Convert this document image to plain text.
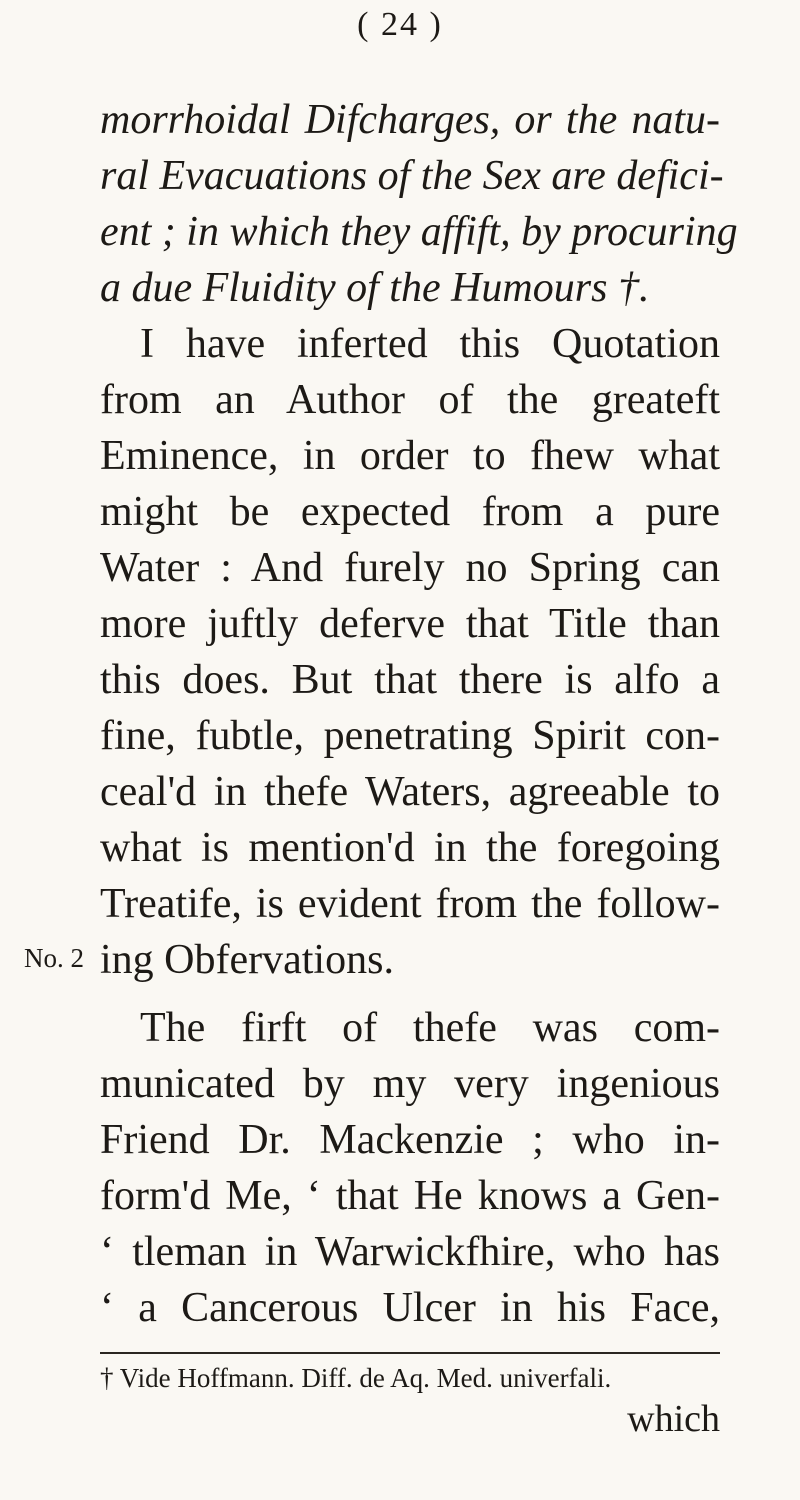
( 24 )
morrhoidal Difcharges, or the natu-
ral Evacuations of the Sex are defici-
ent ; in which they affift, by procuring
a due Fluidity of the Humours †.
I have inferted this Quotation
from an Author of the greateft
Eminence, in order to fhew what
might be expected from a pure
Water : And furely no Spring can
more juftly deferve that Title than
this does. But that there is alfo a
fine, fubtle, penetrating Spirit con-
ceal'd in thefe Waters, agreeable to
what is mention'd in the foregoing
Treatife, is evident from the follow-
ing Obfervations.
No. 2
The firft of thefe was com-
municated by my very ingenious
Friend Dr. Mackenzie ; who in-
form'd Me, ‘ that He knows a Gen-
‘ tleman in Warwickfhire, who has
‘ a Cancerous Ulcer in his Face,
† Vide Hoffmann. Diff. de Aq. Med. univerfali.
which
